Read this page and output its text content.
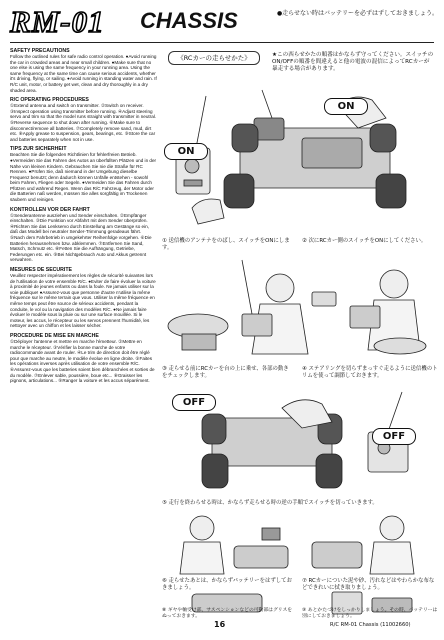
RM-01 CHASSIS	●走らせない時はバッテリーを必ずはずしておきましょう。
SAFETY PRECAUTIONS

Follow the outlined rules for safe radio control operation. ●Avoid running the car in crowded areas and near small children. ●Make sure that no one else is using the same frequency in your running area. Using the same frequency at the same time can cause serious accidents, whether it's driving, flying, or sailing. ●Avoid running in standing water and rain. If R/C unit, motor, or battery get wet, clean and dry thoroughly in a dry shaded area.

R/C OPERATING PROCEDURES

①Extend antenna and switch on transmitter. ②Switch on receiver. ③Inspect operation using transmitter before running. ④Adjust steering servo and trim so that the model runs straight with transmitter in neutral. ⑤Reverse sequence to shut down after running. ⑥Make sure to disconnect/remove all batteries. ⑦Completely remove sand, mud, dirt etc. ⑧Apply grease to suspension, gears, bearings, etc. ⑨Store the car and batteries separately when not in use.

TIPS ZUR SICHERHEIT

Beachten Sie die folgenden Richtlinien für fehlerfreien Betrieb. ●Vermeiden Sie das Fahren des Autos an überfüllten Plätzen und in der Nähe von kleinen Kindern. Gebrauchen Sie nie die Straße für RC Rennen. ●Prüfen Sie, daß niemand in der Umgebung dieselbe Frequenz benutzt; denn dadurch können Unfälle entstehen - sowohl beim Fahren, Fliegen oder Segeln. ●Vermeiden Sie das Fahren durch Pfützen und während Regen. Wenn das R/C Fahrzeug, der Motor oder die Batterien naß werden, müssen Sie alles sorgfältig im Trockenen säubern und reinigen.

KONTROLLEN VOR DER FAHRT

①Senderantenne ausziehen und Sender einschalten. ②Empfänger einschalten. ③Die Funktion vor Abfahrt mit dem Sender überprüfen. ④Richten Sie das Lenkservo durch Einstellung am Gestänge so ein, daß das Modell bei neutraler Sender-Trimmung geradeaus fährt. ⑤Nach dem Fahrbetrieb in umgekehrter Reihenfolge vorgehen. ⑥Die Batterien herausnehmen bzw. abklemmen. ⑦Entfernen Sie Sand, Matsch, Schmutz etc. ⑧Fetten Sie die Aufhängung, Getriebe, Federungen etc. ein. ⑨Bei Nichtgebrauch Auto und Akkus getrennt verwahren.

MESURES DE SECURITE

Veuillez respecter impérativement les règles de sécurité suivantes lors de l'utilisation de votre ensemble R/C. ●Eviter de faire évoluer la voiture à proximité de jeunes enfants ou dans la foule. Ne jamais utiliser sur la voie publique! ●Assurez-vous que personne d'autre n'utilise la même fréquence sur le même terrain que vous. Utiliser la même fréquence en même temps peut être source de sérieux accidents, pendant la conduite, le vol ou la navigation des modèles R/C. ●Ne jamais faire évoluer le modèle sous la pluie ou sur une surface mouillée. Si le moteur, les accus, le récepteur ou les servos prennent l'humidité, les nettoyer avec un chiffon et les laisser sécher.

PROCEDURE DE MISE EN MARCHE

①Déployer l'antenne et mettre en marche l'émetteur. ②Mettre en marche le récepteur. ③Vérifier la bonne marche de votre radiocommande avant de rouler. ④Le trim de direction doit être réglé pour que marche au neutre, le modèle évolue en ligne droite. ⑤Faites les opérations inverses après utilisation de votre ensemble R/C. ⑥Assurez-vous que les batteries soient bien débranchées et sorties de du modèle. ⑦Enlever sable, poussière, boue etc... ⑧Graisser les pignons, articulations... ⑨Ranger la voiture et les accus séparément.

《RCカーの走らせかた》	★この西らせかたの順番はかならず守ってください。スイッチのON/OFFの順番を間違えると他の電波の混信によってRCカーが暴走する場合があります。
ON
ON
① 送信機のアンテナをのばし、スイッチをONにします。
② 次にRCカー側のスイッチをONにしてください。
③ 走らせる前にRCカーを台の上に乗せ、各部の動きをチェックします。
④ ステアリングを切らずまっすぐ走るように送信機のトリムを使って調節しておきます。
OFF
OFF
⑤ 走行を終わらせる時は、かならず走らせる時の逆の手順でスイッチを切っていきます。
⑥ 走らせたあとは、かならずバッテリーをはずしておきましょう。
⑦ RCカーについた泥や砂、汚れなどはやわらかな布などできれいに拭き取りましょう。
⑧ ギヤや軸受け部、サスペンションなどの可動部はグリスをぬっておきます。
⑨ あとかたづけをしっかりしましょう。その時、バッテリーは別にしておきましょう。
16	R/C RM-01 Chassis (11002660)
